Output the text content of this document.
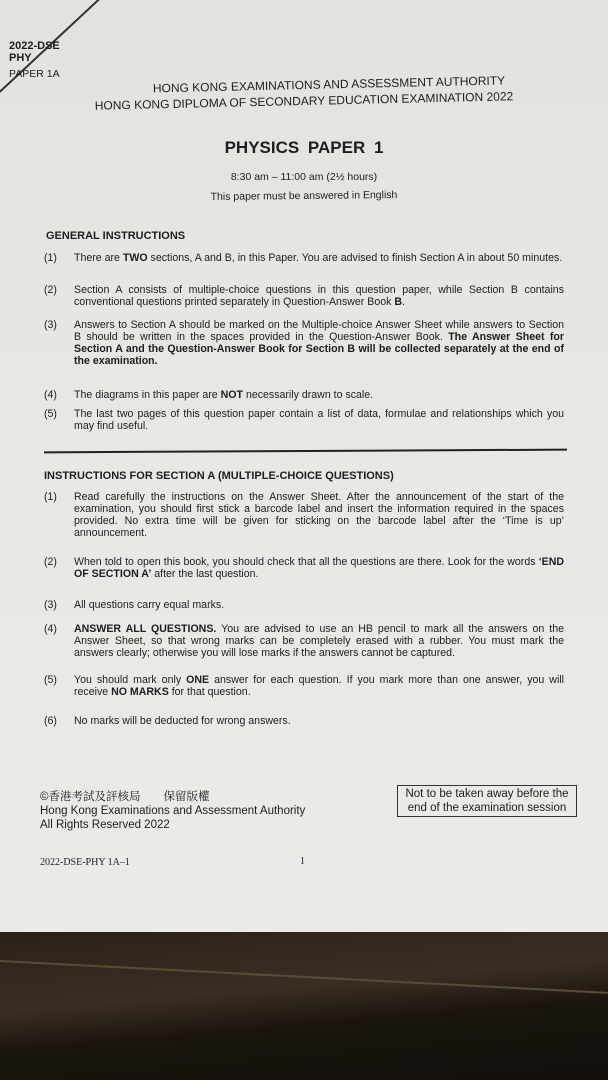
2022-DSE
PHY
PAPER 1A	HONG KONG EXAMINATIONS AND ASSESSMENT AUTHORITY
HONG KONG DIPLOMA OF SECONDARY EDUCATION EXAMINATION 2022
PHYSICS PAPER 1
8:30 am – 11:00 am (2½ hours)
This paper must be answered in English
GENERAL INSTRUCTIONS
(1)	There are TWO sections, A and B, in this Paper. You are advised to finish Section A in about 50 minutes.
(2)	Section A consists of multiple-choice questions in this question paper, while Section B contains conventional questions printed separately in Question-Answer Book B.
(3)	Answers to Section A should be marked on the Multiple-choice Answer Sheet while answers to Section B should be written in the spaces provided in the Question-Answer Book. The Answer Sheet for Section A and the Question-Answer Book for Section B will be collected separately at the end of the examination.
(4)	The diagrams in this paper are NOT necessarily drawn to scale.
(5)	The last two pages of this question paper contain a list of data, formulae and relationships which you may find useful.
INSTRUCTIONS FOR SECTION A (MULTIPLE-CHOICE QUESTIONS)
(1)	Read carefully the instructions on the Answer Sheet. After the announcement of the start of the examination, you should first stick a barcode label and insert the information required in the spaces provided. No extra time will be given for sticking on the barcode label after the ‘Time is up’ announcement.
(2)	When told to open this book, you should check that all the questions are there. Look for the words ‘END OF SECTION A’ after the last question.
(3)	All questions carry equal marks.
(4)	ANSWER ALL QUESTIONS. You are advised to use an HB pencil to mark all the answers on the Answer Sheet, so that wrong marks can be completely erased with a rubber. You must mark the answers clearly; otherwise you will lose marks if the answers cannot be captured.
(5)	You should mark only ONE answer for each question. If you mark more than one answer, you will receive NO MARKS for that question.
(6)	No marks will be deducted for wrong answers.
©香港考試及評核局　　保留版權
Hong Kong Examinations and Assessment Authority
All Rights Reserved 2022
Not to be taken away before the end of the examination session
2022-DSE-PHY 1A–1	1
